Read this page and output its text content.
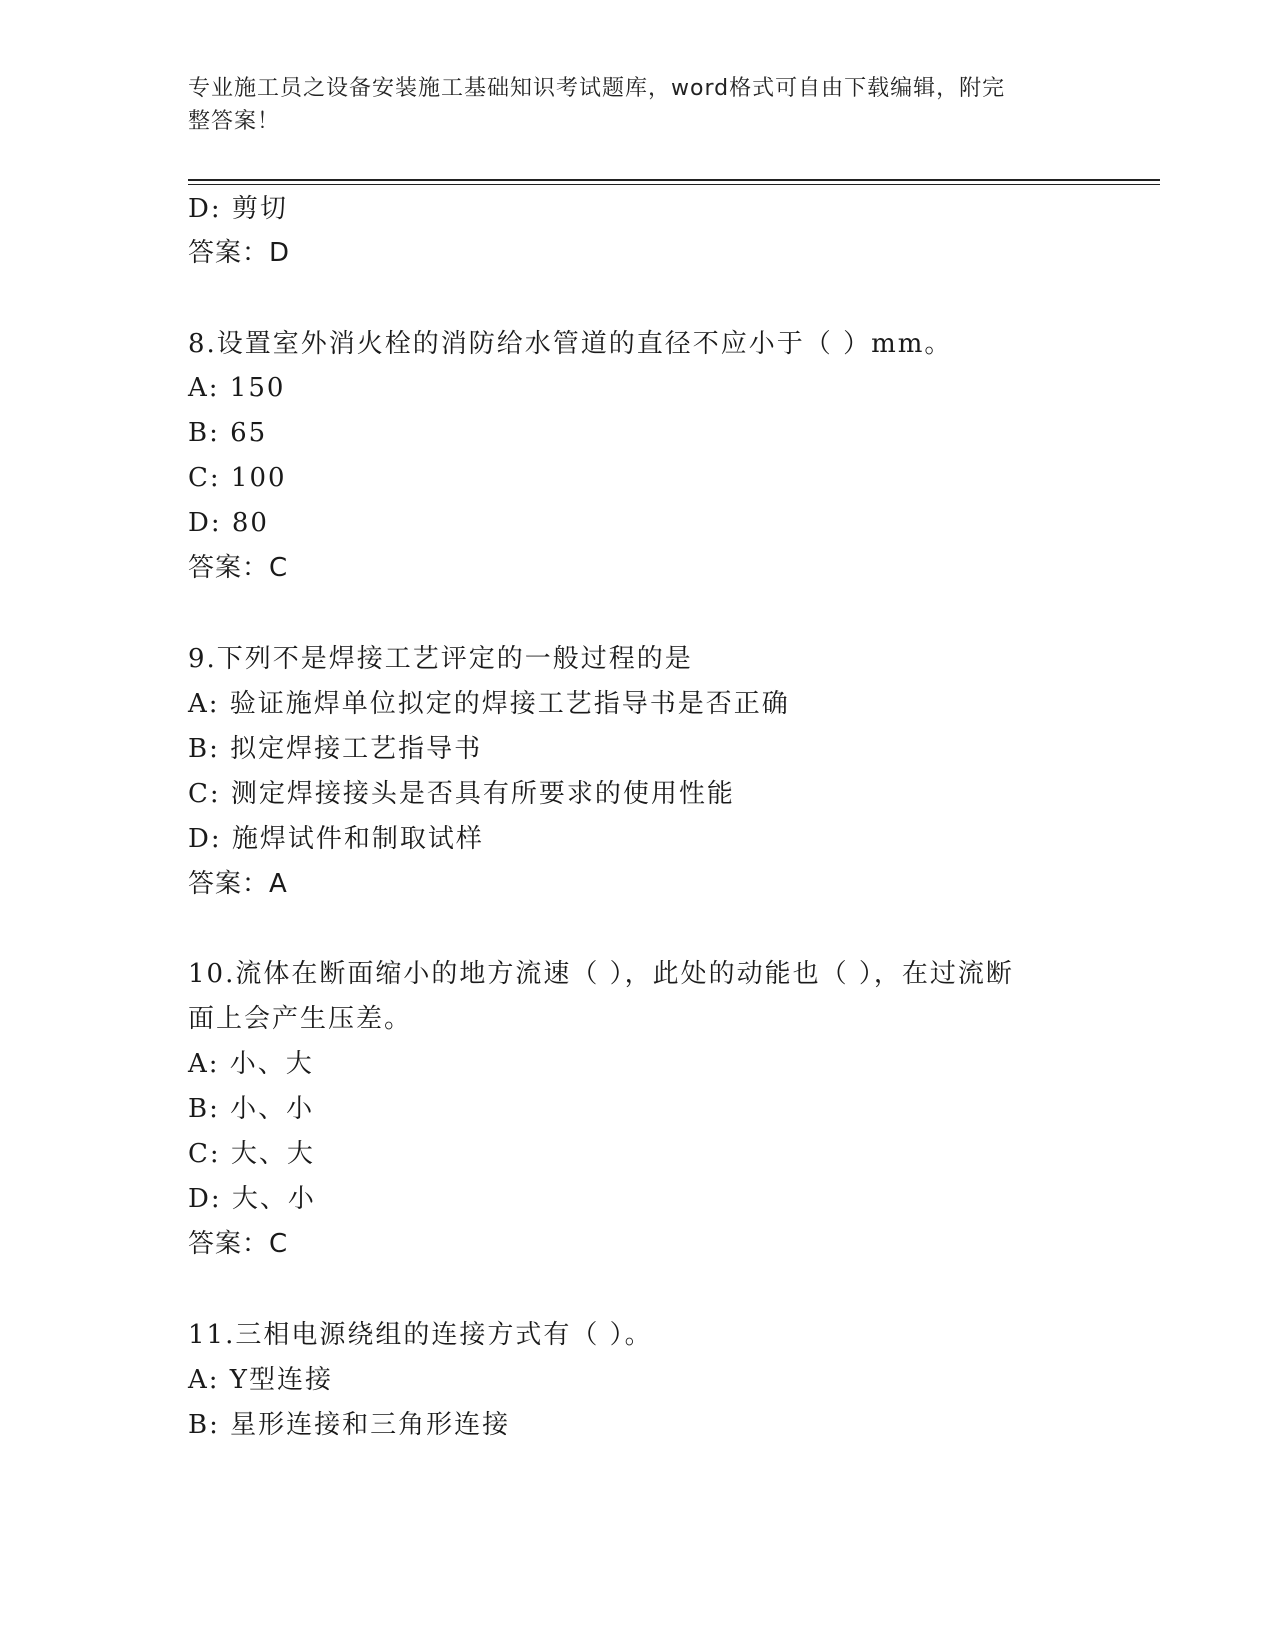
专业施工员之设备安装施工基础知识考试题库，word格式可自由下载编辑，附完
整答案！
D: 剪切
答案：D
8.设置室外消火栓的消防给水管道的直径不应小于（ ）mm。
A: 150
B: 65
C: 100
D: 80
答案：C
9.下列不是焊接工艺评定的一般过程的是
A: 验证施焊单位拟定的焊接工艺指导书是否正确
B: 拟定焊接工艺指导书
C: 测定焊接接头是否具有所要求的使用性能
D: 施焊试件和制取试样
答案：A
10.流体在断面缩小的地方流速（ ），此处的动能也（ ），在过流断
面上会产生压差。
A: 小、大
B: 小、小
C: 大、大
D: 大、小
答案：C
11.三相电源绕组的连接方式有（ ）。
A: Y型连接
B: 星形连接和三角形连接
